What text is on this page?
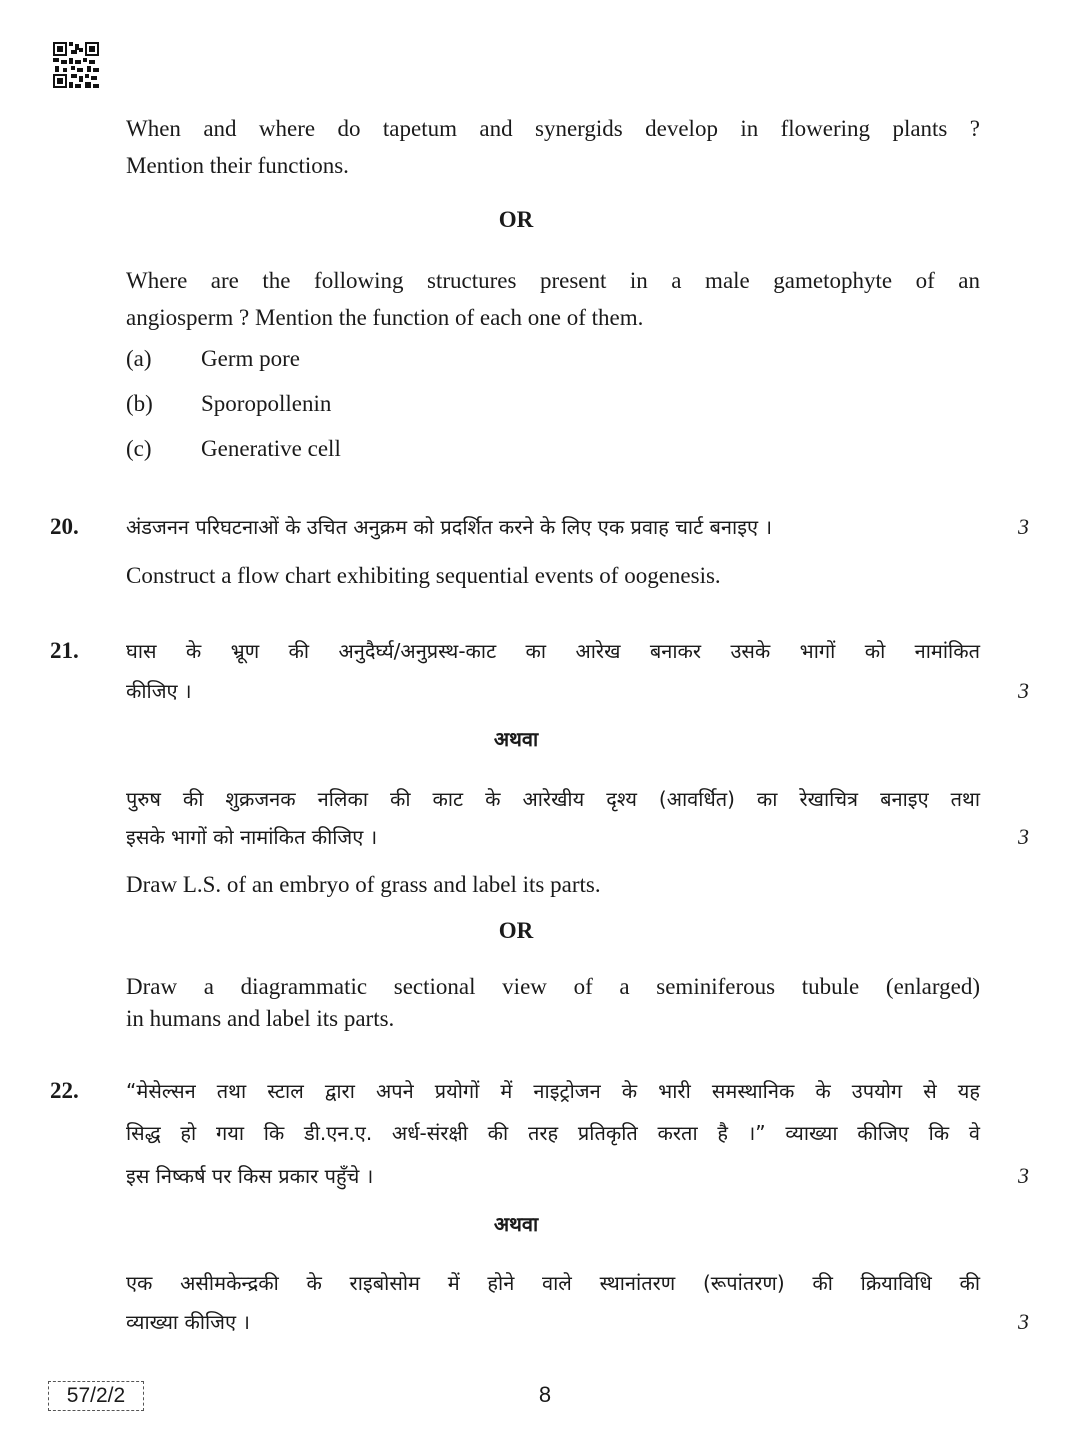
When and where do tapetum and synergids develop in flowering plants ?
Mention their functions.
OR
Where are the following structures present in a male gametophyte of an
angiosperm ? Mention the function of each one of them.
(a) Germ pore
(b) Sporopollenin
(c) Generative cell
20. अंडजनन परिघटनाओं के उचित अनुक्रम को प्रदर्शित करने के लिए एक प्रवाह चार्ट बनाइए ।	3
Construct a flow chart exhibiting sequential events of oogenesis.
21. घास के भ्रूण की अनुदैर्घ्य/अनुप्रस्थ-काट का आरेख बनाकर उसके भागों को नामांकित
कीजिए ।	3
अथवा
पुरुष की शुक्रजनक नलिका की काट के आरेखीय दृश्य (आवर्धित) का रेखाचित्र बनाइए तथा
इसके भागों को नामांकित कीजिए ।	3
Draw L.S. of an embryo of grass and label its parts.
OR
Draw a diagrammatic sectional view of a seminiferous tubule (enlarged)
in humans and label its parts.
22. “मेसेल्सन तथा स्टाल द्वारा अपने प्रयोगों में नाइट्रोजन के भारी समस्थानिक के उपयोग से यह
सिद्ध हो गया कि डी.एन.ए. अर्ध-संरक्षी की तरह प्रतिकृति करता है ।” व्याख्या कीजिए कि वे
इस निष्कर्ष पर किस प्रकार पहुँचे ।	3
अथवा
एक असीमकेन्द्रकी के राइबोसोम में होने वाले स्थानांतरण (रूपांतरण) की क्रियाविधि की
व्याख्या कीजिए ।	3
57/2/2	8
